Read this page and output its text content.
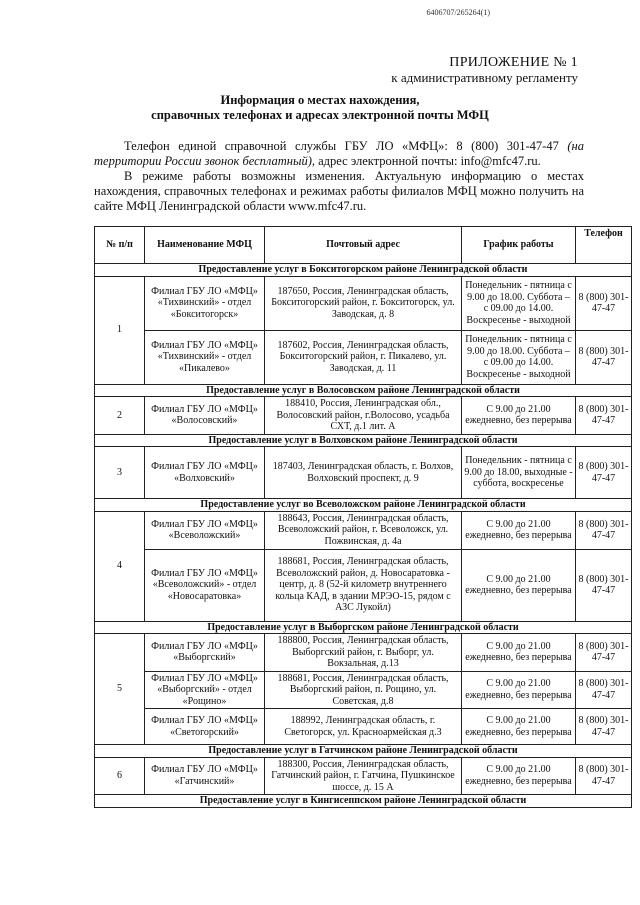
6406707/265264(1)
ПРИЛОЖЕНИЕ № 1
к административному регламенту
Информация о местах нахождения,
справочных телефонах и адресах электронной почты МФЦ
Телефон единой справочной службы ГБУ ЛО «МФЦ»: 8 (800) 301-47-47 (на территории России звонок бесплатный), адрес электронной почты: info@mfc47.ru.
В режиме работы возможны изменения. Актуальную информацию о местах нахождения, справочных телефонах и режимах работы филиалов МФЦ можно получить на сайте МФЦ Ленинградской области www.mfc47.ru.
№ п/п	Наименование МФЦ	Почтовый адрес	График работы	Телефон
Предоставление услуг в Бокситогорском районе Ленинградской области				
1	Филиал ГБУ ЛО «МФЦ» «Тихвинский» - отдел «Бокситогорск»	187650, Россия, Ленинградская область, Бокситогорский район, г. Бокситогорск, ул. Заводская, д. 8	Понедельник - пятница с 9.00 до 18.00. Суббота – с 09.00 до 14.00. Воскресенье - выходной	8 (800) 301-47-47
	Филиал ГБУ ЛО «МФЦ» «Тихвинский» - отдел «Пикалево»	187602, Россия, Ленинградская область, Бокситогорский район, г. Пикалево, ул. Заводская, д. 11	Понедельник - пятница с 9.00 до 18.00. Суббота – с 09.00 до 14.00. Воскресенье - выходной	8 (800) 301-47-47
Предоставление услуг в Волосовском районе Ленинградской области				
2	Филиал ГБУ ЛО «МФЦ» «Волосовский»	188410, Россия, Ленинградская обл., Волосовский район, г.Волосово, усадьба СХТ, д.1 лит. А	С 9.00 до 21.00 ежедневно, без перерыва	8 (800) 301-47-47
Предоставление услуг в Волховском районе Ленинградской области				
3	Филиал ГБУ ЛО «МФЦ» «Волховский»	187403, Ленинградская область, г. Волхов, Волховский проспект, д. 9	Понедельник - пятница с 9.00 до 18.00, выходные - суббота, воскресенье	8 (800) 301-47-47
Предоставление услуг во Всеволожском районе Ленинградской области				
4	Филиал ГБУ ЛО «МФЦ» «Всеволожский»	188643, Россия, Ленинградская область, Всеволожский район, г. Всеволожск, ул. Пожвинская, д. 4а	С 9.00 до 21.00 ежедневно, без перерыва	8 (800) 301-47-47
	Филиал ГБУ ЛО «МФЦ» «Всеволожский» - отдел «Новосаратовка»	188681, Россия, Ленинградская область, Всеволожский район, д. Новосаратовка - центр, д. 8 (52-й километр внутреннего кольца КАД, в здании МРЭО-15, рядом с АЗС Лукойл)	С 9.00 до 21.00 ежедневно, без перерыва	8 (800) 301-47-47
Предоставление услуг в Выборгском районе Ленинградской области				
5	Филиал ГБУ ЛО «МФЦ» «Выборгский»	188800, Россия, Ленинградская область, Выборгский район, г. Выборг, ул. Вокзальная, д.13	С 9.00 до 21.00 ежедневно, без перерыва	8 (800) 301-47-47
	Филиал ГБУ ЛО «МФЦ» «Выборгский» - отдел «Рощино»	188681, Россия, Ленинградская область, Выборгский район, п. Рощино, ул. Советская, д.8	С 9.00 до 21.00 ежедневно, без перерыва	8 (800) 301-47-47
	Филиал ГБУ ЛО «МФЦ» «Светогорский»	188992, Ленинградская область, г. Светогорск, ул. Красноармейская д.3	С 9.00 до 21.00 ежедневно, без перерыва	8 (800) 301-47-47
Предоставление услуг в Гатчинском районе Ленинградской области				
6	Филиал ГБУ ЛО «МФЦ» «Гатчинский»	188300, Россия, Ленинградская область, Гатчинский район, г. Гатчина, Пушкинское шоссе, д. 15 А	С 9.00 до 21.00 ежедневно, без перерыва	8 (800) 301-47-47
Предоставление услуг в Кингисеппском районе Ленинградской области				
